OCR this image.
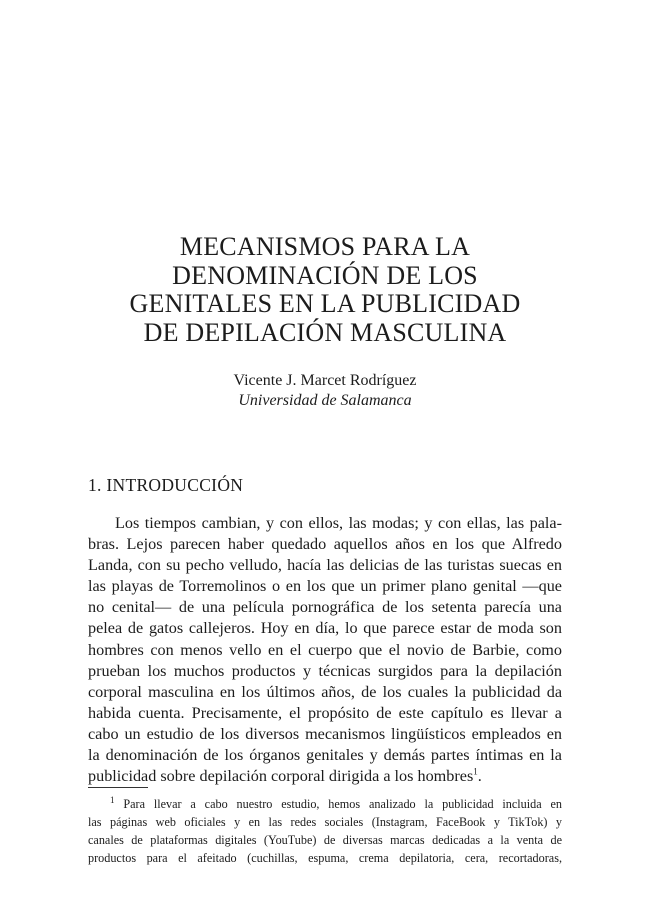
MECANISMOS PARA LA
DENOMINACIÓN DE LOS
GENITALES EN LA PUBLICIDAD
DE DEPILACIÓN MASCULINA
Vicente J. Marcet Rodríguez
Universidad de Salamanca
1. INTRODUCCIÓN
Los tiempos cambian, y con ellos, las modas; y con ellas, las pala-
bras. Lejos parecen haber quedado aquellos años en los que Alfredo
Landa, con su pecho velludo, hacía las delicias de las turistas suecas en
las playas de Torremolinos o en los que un primer plano genital —que
no cenital— de una película pornográfica de los setenta parecía una
pelea de gatos callejeros. Hoy en día, lo que parece estar de moda son
hombres con menos vello en el cuerpo que el novio de Barbie, como
prueban los muchos productos y técnicas surgidos para la depilación
corporal masculina en los últimos años, de los cuales la publicidad da
habida cuenta. Precisamente, el propósito de este capítulo es llevar a
cabo un estudio de los diversos mecanismos lingüísticos empleados en
la denominación de los órganos genitales y demás partes íntimas en la
publicidad sobre depilación corporal dirigida a los hombres$^1$.
$^1$ Para llevar a cabo nuestro estudio, hemos analizado la publicidad incluida en
las páginas web oficiales y en las redes sociales (Instagram, FaceBook y TikTok) y
canales de plataformas digitales (YouTube) de diversas marcas dedicadas a la venta de
productos para el afeitado (cuchillas, espuma, crema depilatoria, cera, recortadoras,
